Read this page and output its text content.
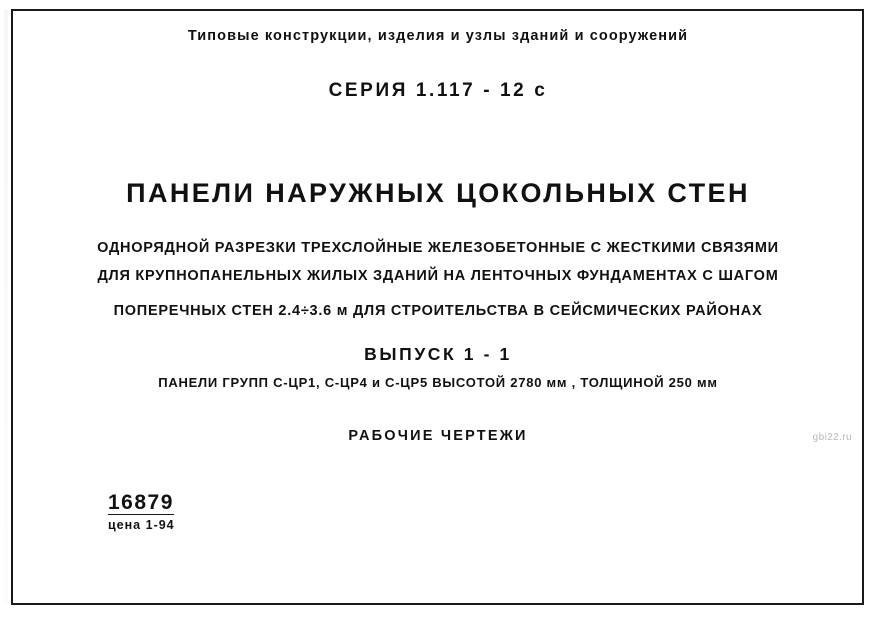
Типовые конструкции, изделия и узлы зданий и сооружений
СЕРИЯ 1.117 - 12 с
ПАНЕЛИ НАРУЖНЫХ ЦОКОЛЬНЫХ СТЕН
ОДНОРЯДНОЙ РАЗРЕЗКИ ТРЕХСЛОЙНЫЕ ЖЕЛЕЗОБЕТОННЫЕ С ЖЕСТКИМИ СВЯЗЯМИ
ДЛЯ КРУПНОПАНЕЛЬНЫХ ЖИЛЫХ ЗДАНИЙ НА ЛЕНТОЧНЫХ ФУНДАМЕНТАХ С ШАГОМ
ПОПЕРЕЧНЫХ СТЕН 2.4÷3.6 м ДЛЯ СТРОИТЕЛЬСТВА В СЕЙСМИЧЕСКИХ РАЙОНАХ
ВЫПУСК 1 - 1
ПАНЕЛИ ГРУПП С-ЦР1, С-ЦР4 и С-ЦР5 ВЫСОТОЙ 2780 мм , ТОЛЩИНОЙ 250 мм
РАБОЧИЕ ЧЕРТЕЖИ
16879
цена 1-94
gbi22.ru
